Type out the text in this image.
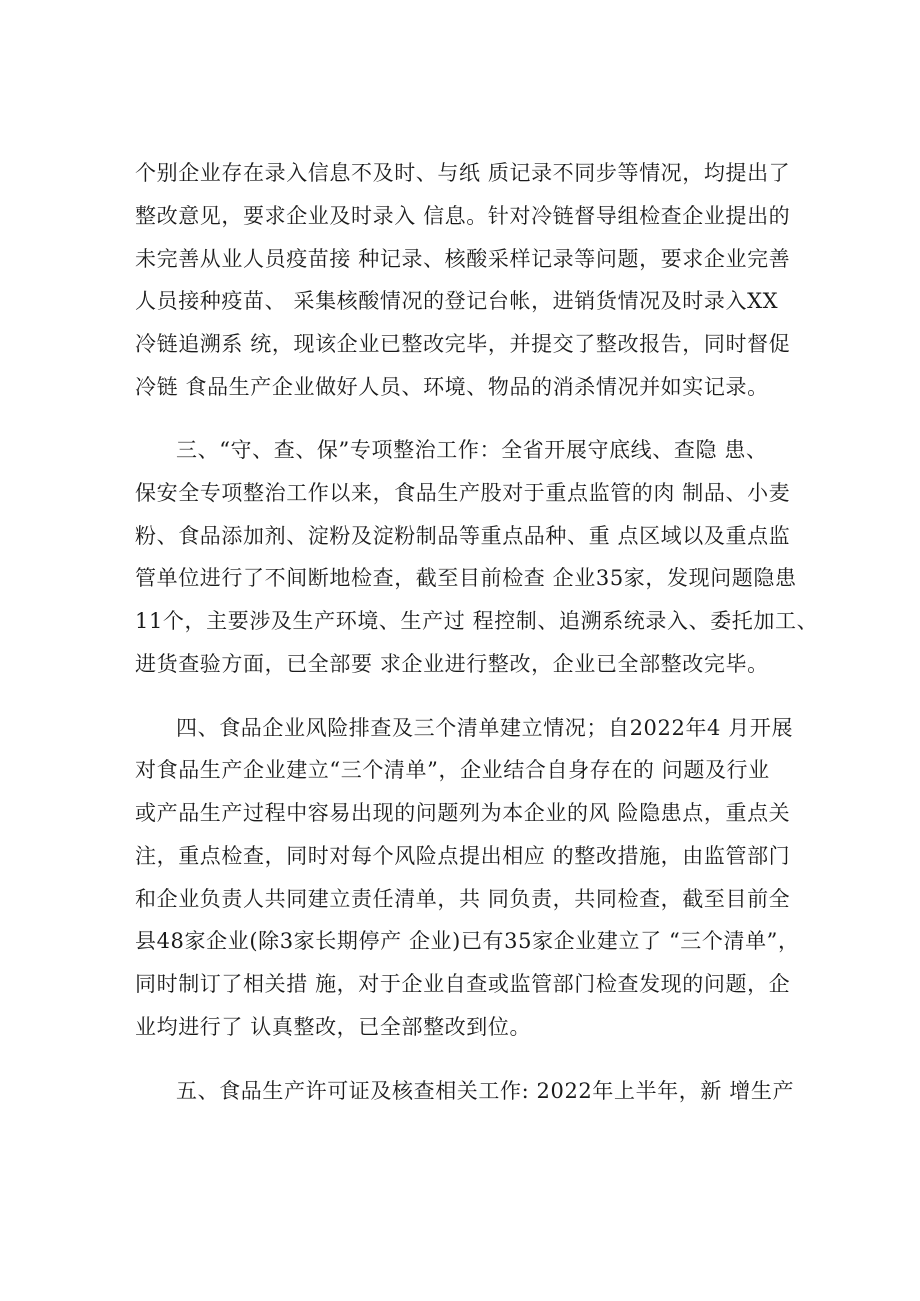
个别企业存在录入信息不及时、与纸 质记录不同步等情况，均提出了
整改意见，要求企业及时录入 信息。针对冷链督导组检查企业提出的
未完善从业人员疫苗接 种记录、核酸采样记录等问题，要求企业完善
人员接种疫苗、 采集核酸情况的登记台帐，进销货情况及时录入XX
冷链追溯系 统，现该企业已整改完毕，并提交了整改报告，同时督促
冷链 食品生产企业做好人员、环境、物品的消杀情况并如实记录。
三、“守、查、保”专项整治工作：全省开展守底线、查隐 患、
保安全专项整治工作以来，食品生产股对于重点监管的肉 制品、小麦
粉、食品添加剂、淀粉及淀粉制品等重点品种、重 点区域以及重点监
管单位进行了不间断地检查，截至目前检查 企业35家，发现问题隐患
11个，主要涉及生产环境、生产过 程控制、追溯系统录入、委托加工、
进货查验方面，已全部要 求企业进行整改，企业已全部整改完毕。
四、食品企业风险排查及三个清单建立情况；自2022年4 月开展
对食品生产企业建立“三个清单”，企业结合自身存在的 问题及行业
或产品生产过程中容易出现的问题列为本企业的风 险隐患点，重点关
注，重点检查，同时对每个风险点提出相应 的整改措施，由监管部门
和企业负责人共同建立责任清单，共 同负责，共同检查，截至目前全
县48家企业(除3家长期停产 企业)已有35家企业建立了 “三个清单”，
同时制订了相关措 施，对于企业自查或监管部门检查发现的问题，企
业均进行了 认真整改，已全部整改到位。
五、食品生产许可证及核查相关工作: 2022年上半年，新 增生产
